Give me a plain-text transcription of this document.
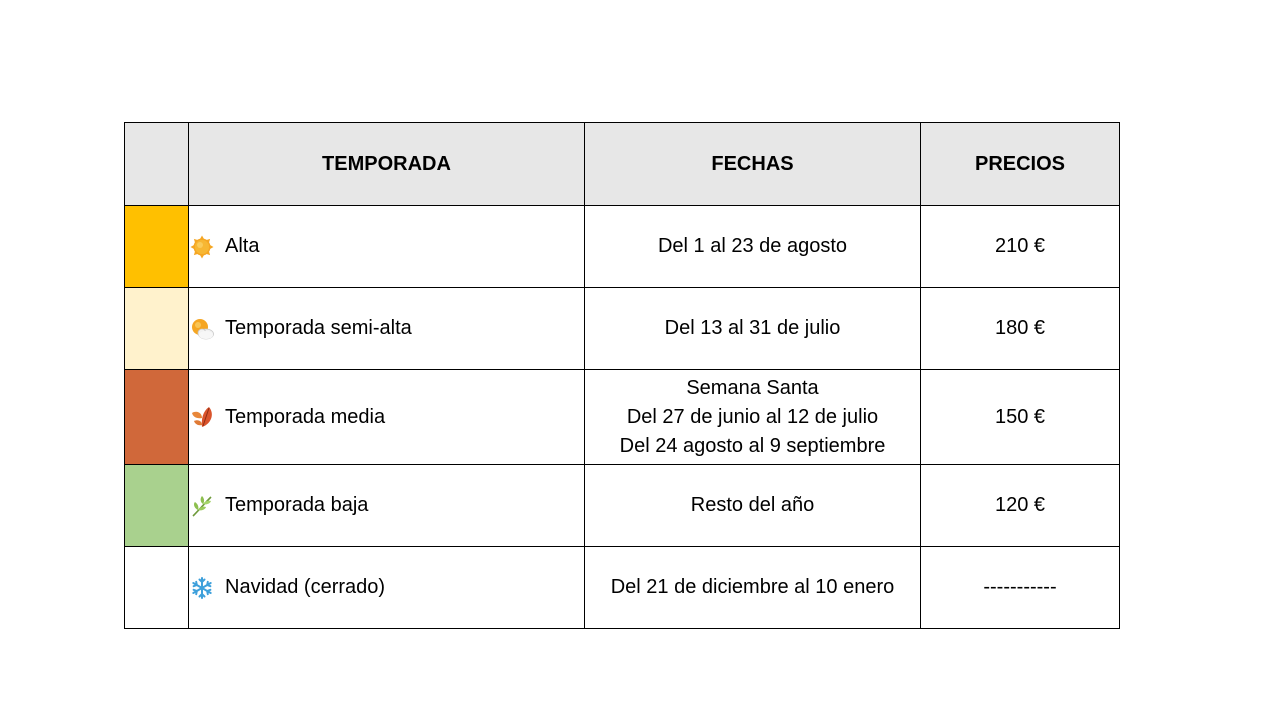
	TEMPORADA	FECHAS	PRECIOS

	Alta	Del 1 al 23 de agosto	210 €

	Temporada semi-alta	Del 13 al 31 de julio	180 €

	Temporada media	Semana Santa
Del 27 de junio al 12 de julio
Del 24 agosto al 9 septiembre	150 €

	Temporada baja	Resto del año	120 €

	Navidad (cerrado)	Del 21 de diciembre al 10 enero	-----------
